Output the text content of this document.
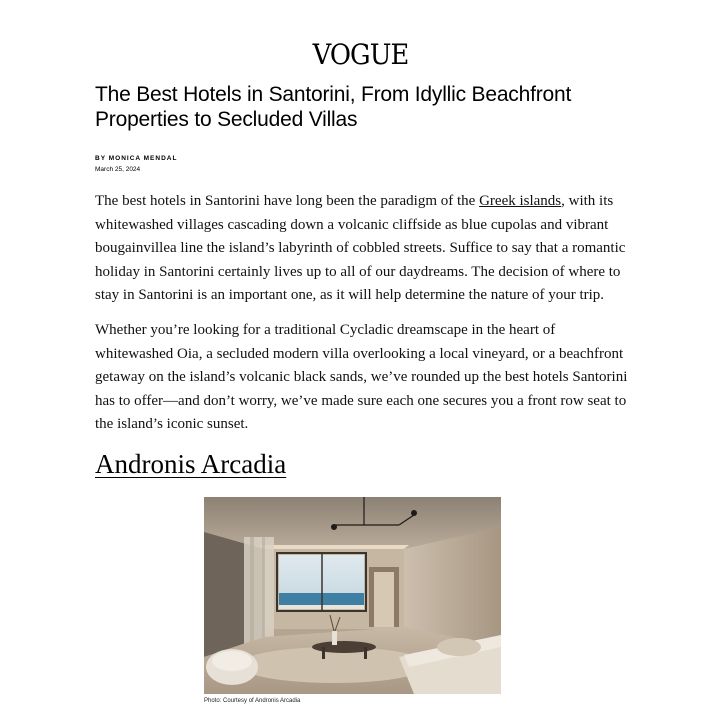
VOGUE
The Best Hotels in Santorini, From Idyllic Beachfront Properties to Secluded Villas
BY MONICA MENDAL
March 25, 2024

The best hotels in Santorini have long been the paradigm of the Greek islands, with its whitewashed villages cascading down a volcanic cliffside as blue cupolas and vibrant bougainvillea line the island’s labyrinth of cobbled streets. Suffice to say that a romantic holiday in Santorini certainly lives up to all of our daydreams. The decision of where to stay in Santorini is an important one, as it will help determine the nature of your trip.

Whether you’re looking for a traditional Cycladic dreamscape in the heart of whitewashed Oia, a secluded modern villa overlooking a local vineyard, or a beachfront getaway on the island’s volcanic black sands, we’ve rounded up the best hotels Santorini has to offer—and don’t worry, we’ve made sure each one secures you a front row seat to the island’s iconic sunset.

Andronis Arcadia
Photo: Courtesy of Andronis Arcadia
